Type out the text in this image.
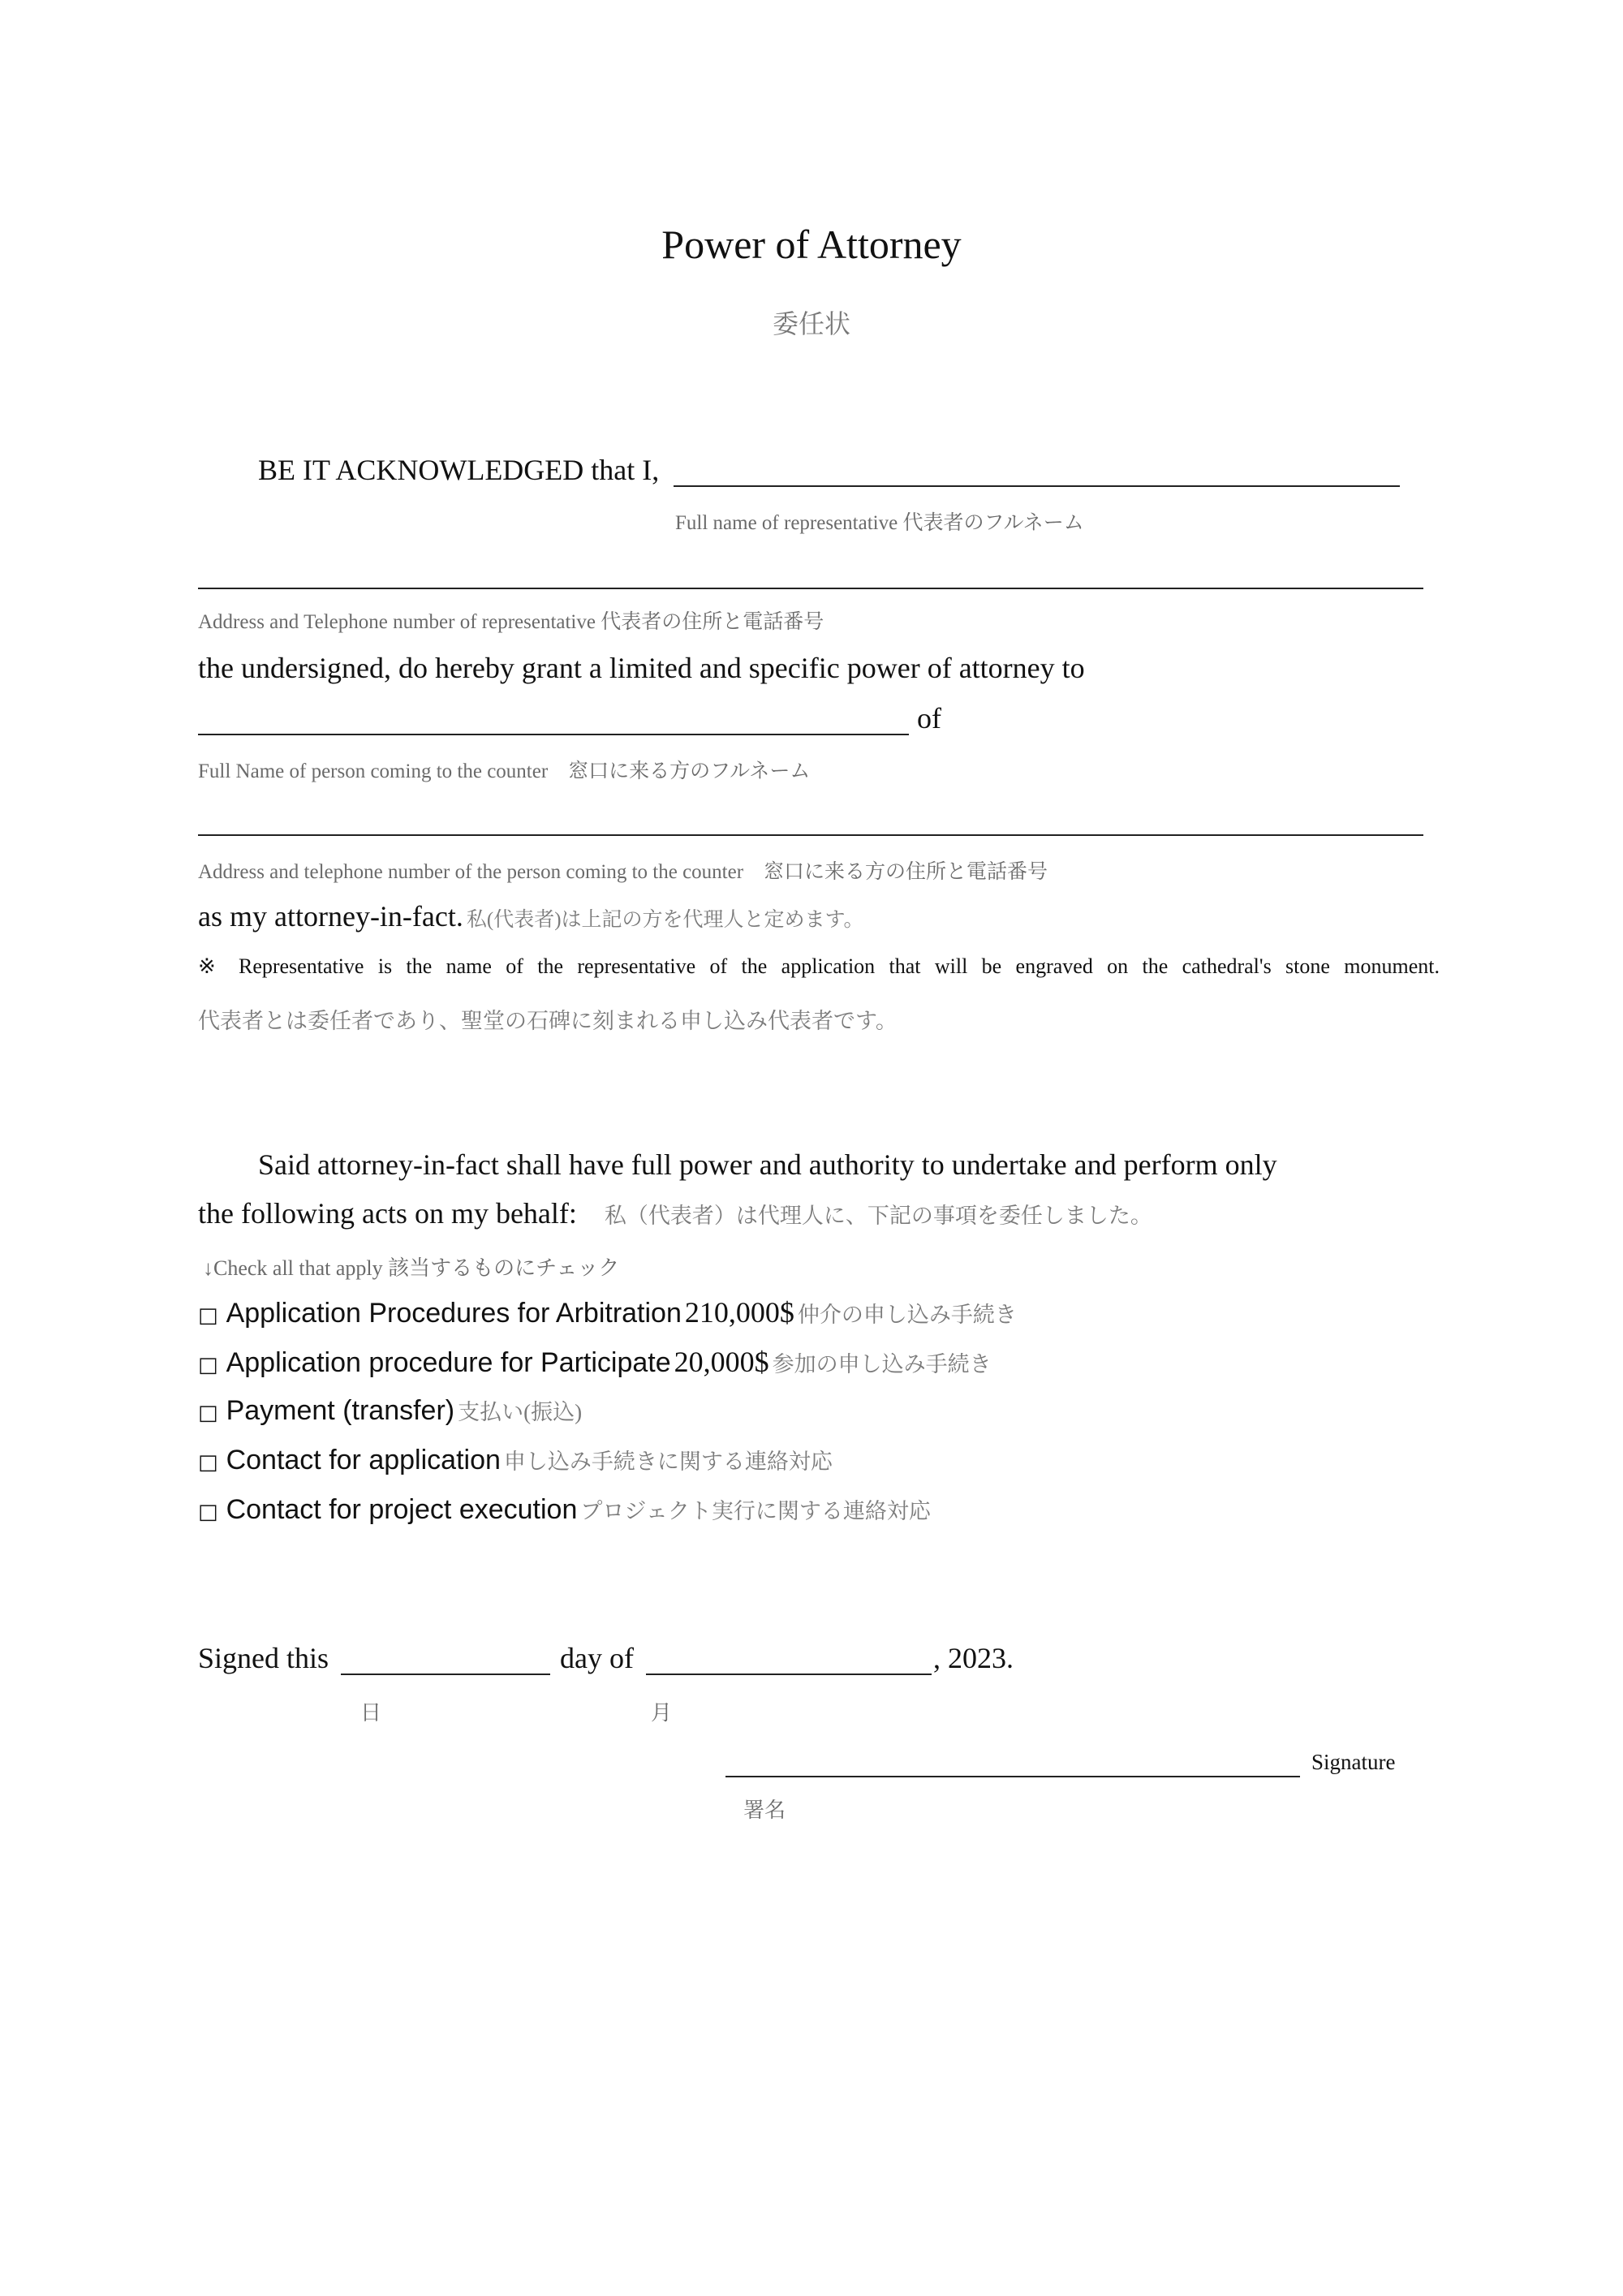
Power of Attorney
委任状
BE IT ACKNOWLEDGED that I,
Full name of representative 代表者のフルネーム
Address and Telephone number of representative 代表者の住所と電話番号
the undersigned, do hereby grant a limited and specific power of attorney to
of
Full Name of person coming to the counter　窓口に来る方のフルネーム
Address and telephone number of the person coming to the counter　窓口に来る方の住所と電話番号
as my attorney-in-fact. 私(代表者)は上記の方を代理人と定めます。
※ Representative is the name of the representative of the application that will be engraved on the cathedral's stone monument.
代表者とは委任者であり、聖堂の石碑に刻まれる申し込み代表者です。
Said attorney-in-fact shall have full power and authority to undertake and perform only
the following acts on my behalf: 私（代表者）は代理人に、下記の事項を委任しました。
↓Check all that apply 該当するものにチェック
□ Application Procedures for Arbitration 210,000$ 仲介の申し込み手続き
□ Application procedure for Participate 20,000$ 参加の申し込み手続き
□ Payment (transfer) 支払い(振込)
□ Contact for application 申し込み手続きに関する連絡対応
□ Contact for project execution プロジェクト実行に関する連絡対応
Signed this	day of	, 2023.
日	月
Signature
署名
